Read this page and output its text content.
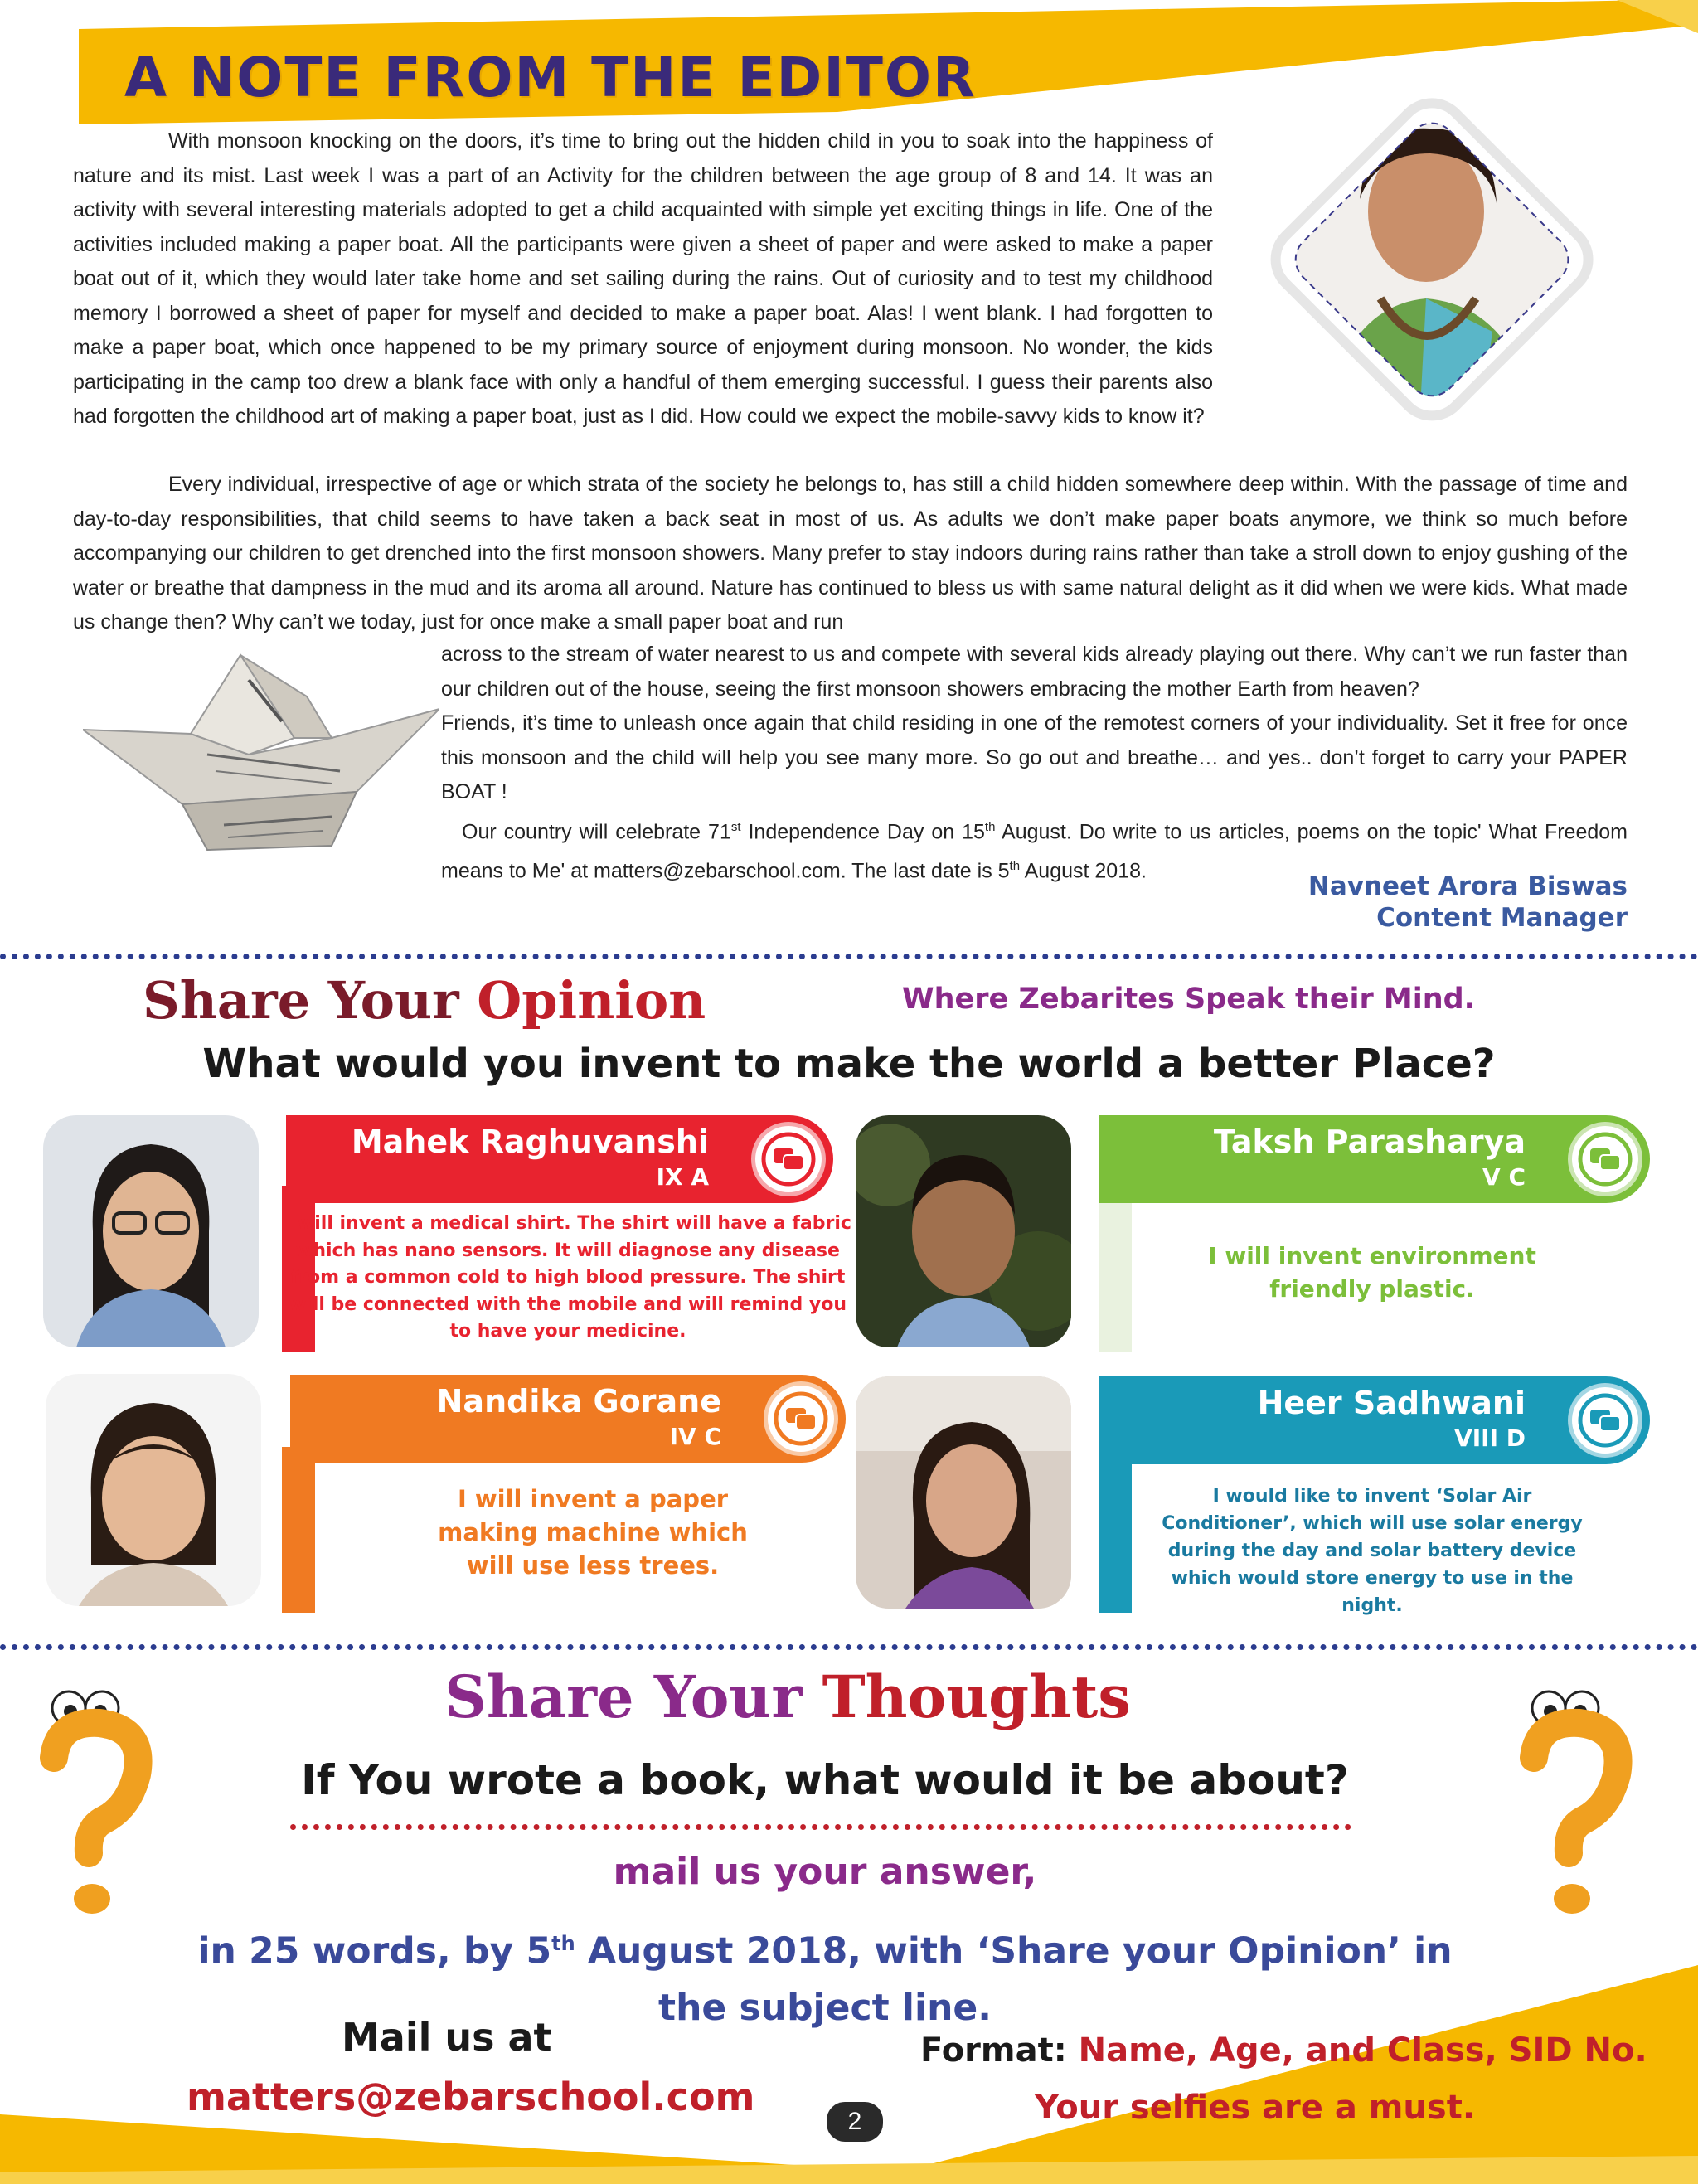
A NOTE FROM THE EDITOR

With monsoon knocking on the doors, it’s time to bring out the hidden child in you to soak into the happiness of nature and its mist. Last week I was a part of an Activity for the children between the age group of 8 and 14. It was an activity with several interesting materials adopted to get a child acquainted with simple yet exciting things in life. One of the activities included making a paper boat. All the participants were given a sheet of paper and were asked to make a paper boat out of it, which they would later take home and set sailing during the rains. Out of curiosity and to test my childhood memory I borrowed a sheet of paper for myself and decided to make a paper boat. Alas! I went blank. I had forgotten to make a paper boat, which once happened to be my primary source of enjoyment during monsoon. No wonder, the kids participating in the camp too drew a blank face with only a handful of them emerging successful. I guess their parents also had forgotten the childhood art of making a paper boat, just as I did. How could we expect the mobile-savvy kids to know it?

Every individual, irrespective of age or which strata of the society he belongs to, has still a child hidden somewhere deep within. With the passage of time and day-to-day responsibilities, that child seems to have taken a back seat in most of us. As adults we don’t make paper boats anymore, we think so much before accompanying our children to get drenched into the first monsoon showers. Many prefer to stay indoors during rains rather than take a stroll down to enjoy gushing of the water or breathe that dampness in the mud and its aroma all around. Nature has continued to bless us with same natural delight as it did when we were kids. What made us change then? Why can’t we today, just for once make a small paper boat and run

across to the stream of water nearest to us and compete with several kids already playing out there. Why can’t we run faster than our children out of the house, seeing the first monsoon showers embracing the mother Earth from heaven?

Friends, it’s time to unleash once again that child residing in one of the remotest corners of your individuality. Set it free for once this monsoon and the child will help you see many more. So go out and breathe… and yes.. don’t forget to carry your PAPER BOAT !

Our country will celebrate 71st Independence Day on 15th August. Do write to us articles, poems on the topic' What Freedom means to Me' at matters@zebarschool.com. The last date is 5th August 2018.

Navneet Arora Biswas
Content Manager
Share Your Opinion	Where Zebarites Speak their Mind.
What would you invent to make the world a better Place?
Mahek Raghuvanshi
IX A
I will invent a medical shirt. The shirt will have a fabric which has nano sensors. It will diagnose any disease from a common cold to high blood pressure. The shirt will be connected with the mobile and will remind you to have your medicine.
Taksh Parasharya
V C
I will invent environment friendly plastic.
Nandika Gorane
IV C
I will invent a paper making machine which will use less trees.
Heer Sadhwani
VIII D
I would like to invent ‘Solar Air Conditioner’, which will use solar energy during the day and solar battery device which would store energy to use in the night.
Share Your Thoughts
If You wrote a book, what would it be about?
mail us your answer,
in 25 words, by 5th August 2018, with ‘Share your Opinion’ in the subject line.
Mail us at
matters@zebarschool.com
Format: Name, Age, and Class, SID No.
Your selfies are a must.
2
